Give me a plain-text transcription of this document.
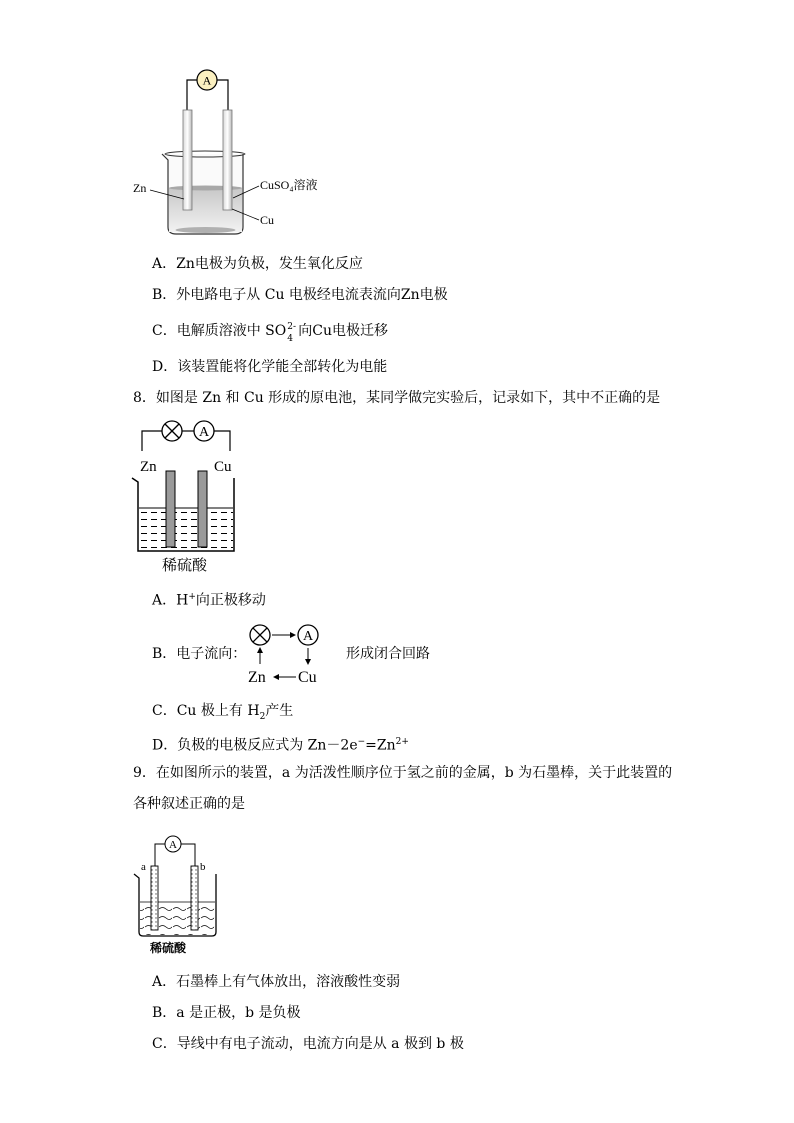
A
Zn	CuSO₄溶液
Cu
A．Zn电极为负极，发生氧化反应
B．外电路电子从 Cu 电极经电流表流向Zn电极
C．电解质溶液中 SO 2-
4 向Cu电极迁移
D．该装置能将化学能全部转化为电能
8．如图是 Zn 和 Cu 形成的原电池，某同学做完实验后，记录如下，其中不正确的是
A
Zn	Cu
稀硫酸
A．H+向正极移动
B．电子流向：
A
Zn Cu
形成闭合回路
C．Cu 极上有 $H_2$产生
D．负极的电极反应式为 $Zn-2e^-=Zn^{2+}$
9．在如图所示的装置，a 为活泼性顺序位于氢之前的金属，b 为石墨棒，关于此装置的
各种叙述正确的是
A
a	b
稀硫酸
A．石墨棒上有气体放出，溶液酸性变弱
B．a 是正极，b 是负极
C．导线中有电子流动，电流方向是从 a 极到 b 极
